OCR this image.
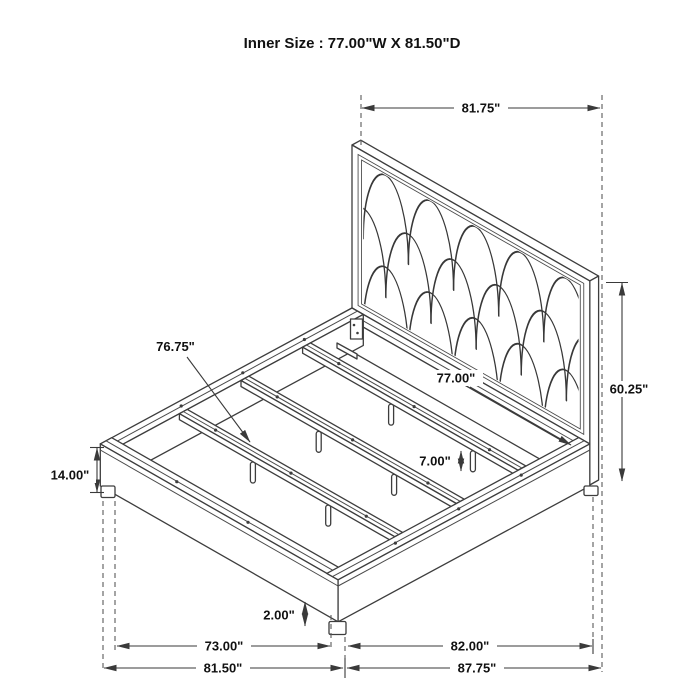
Inner Size : 77.00"W X 81.50"D
81.75"
60.25"
14.00"
76.75"
77.00"
7.00"
2.00"
73.00"	82.00"
81.50"	87.75"
